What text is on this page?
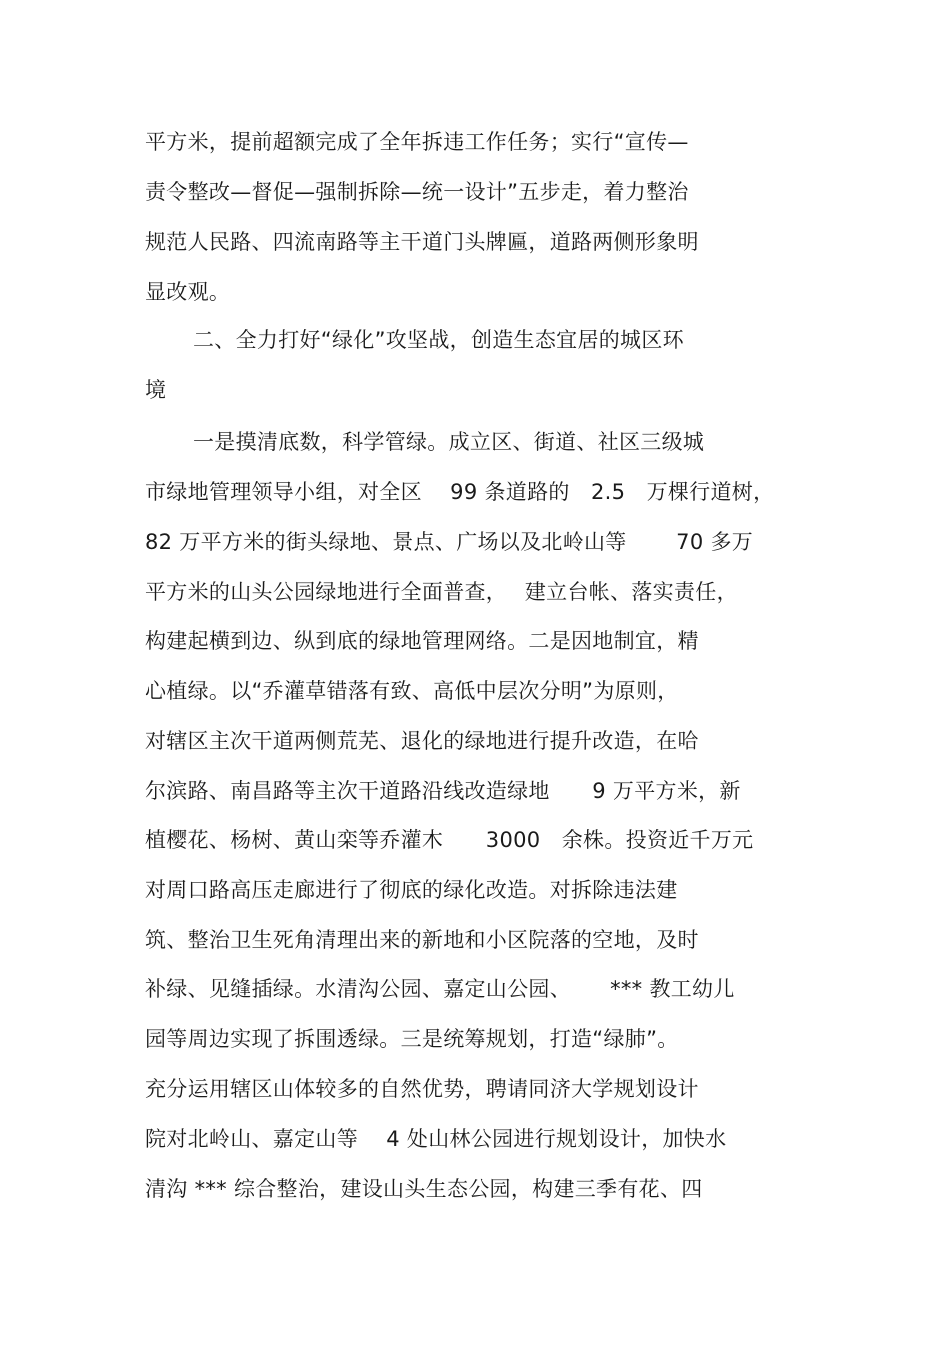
平方米，提前超额完成了全年拆违工作任务；实行“宣传—
责令整改—督促—强制拆除—统一设计”五步走，着力整治
规范人民路、四流南路等主干道门头牌匾，道路两侧形象明
显改观。
二、全力打好“绿化”攻坚战，创造生态宜居的城区环
境
一是摸清底数，科学管绿。成立区、街道、社区三级城
市绿地管理领导小组，对全区　 99 条道路的　2.5　万棵行道树，
82 万平方米的街头绿地、景点、广场以及北岭山等　　 70 多万
平方米的山头公园绿地进行全面普查，　 建立台帐、落实责任，
构建起横到边、纵到底的绿地管理网络。二是因地制宜，精
心植绿。以“乔灌草错落有致、高低中层次分明”为原则，
对辖区主次干道两侧荒芜、退化的绿地进行提升改造，在哈
尔滨路、南昌路等主次干道路沿线改造绿地　　9 万平方米，新
植樱花、杨树、黄山栾等乔灌木　　3000　余株。投资近千万元
对周口路高压走廊进行了彻底的绿化改造。对拆除违法建
筑、整治卫生死角清理出来的新地和小区院落的空地，及时
补绿、见缝插绿。水清沟公园、嘉定山公园、　　 *** 教工幼儿
园等周边实现了拆围透绿。三是统筹规划，打造“绿肺”。
充分运用辖区山体较多的自然优势，聘请同济大学规划设计
院对北岭山、嘉定山等　 4 处山林公园进行规划设计，加快水
清沟 *** 综合整治，建设山头生态公园，构建三季有花、四
